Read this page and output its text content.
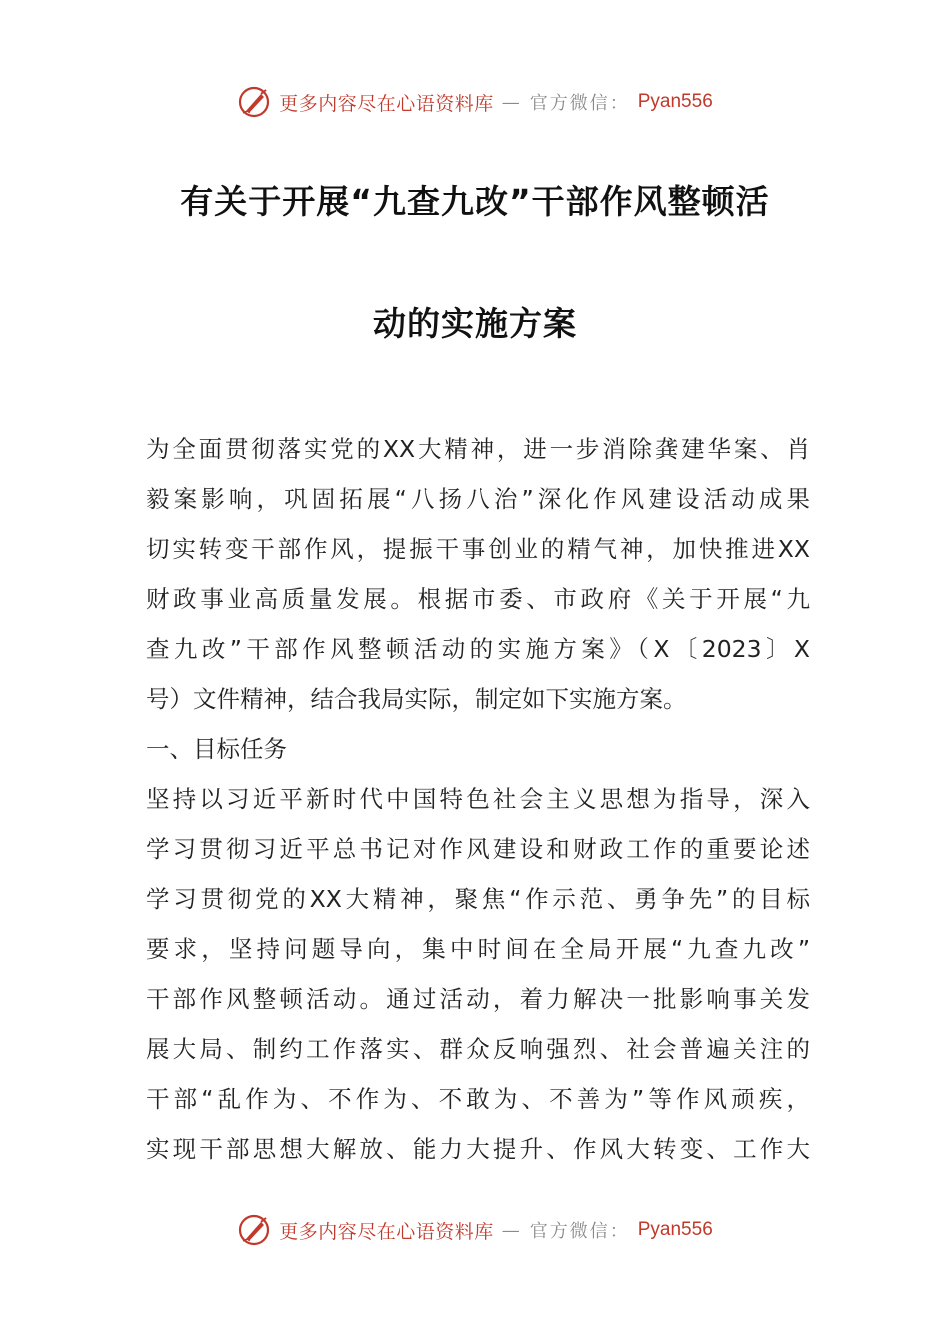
更多内容尽在心语资料库 — 官方微信： Pyan556
有关于开展“九查九改”干部作风整顿活
动的实施方案
为全面贯彻落实党的XX大精神，进一步消除龚建华案、肖
毅案影响，巩固拓展“八扬八治”深化作风建设活动成果
切实转变干部作风，提振干事创业的精气神，加快推进XX
财政事业高质量发展。根据市委、市政府《关于开展“九
查九改”干部作风整顿活动的实施方案》（X〔2023〕X
号）文件精神，结合我局实际，制定如下实施方案。
一、目标任务
坚持以习近平新时代中国特色社会主义思想为指导，深入
学习贯彻习近平总书记对作风建设和财政工作的重要论述
学习贯彻党的XX大精神，聚焦“作示范、勇争先”的目标
要求，坚持问题导向，集中时间在全局开展“九查九改”
干部作风整顿活动。通过活动，着力解决一批影响事关发
展大局、制约工作落实、群众反响强烈、社会普遍关注的
干部“乱作为、不作为、不敢为、不善为”等作风顽疾，
实现干部思想大解放、能力大提升、作风大转变、工作大
更多内容尽在心语资料库 — 官方微信： Pyan556
